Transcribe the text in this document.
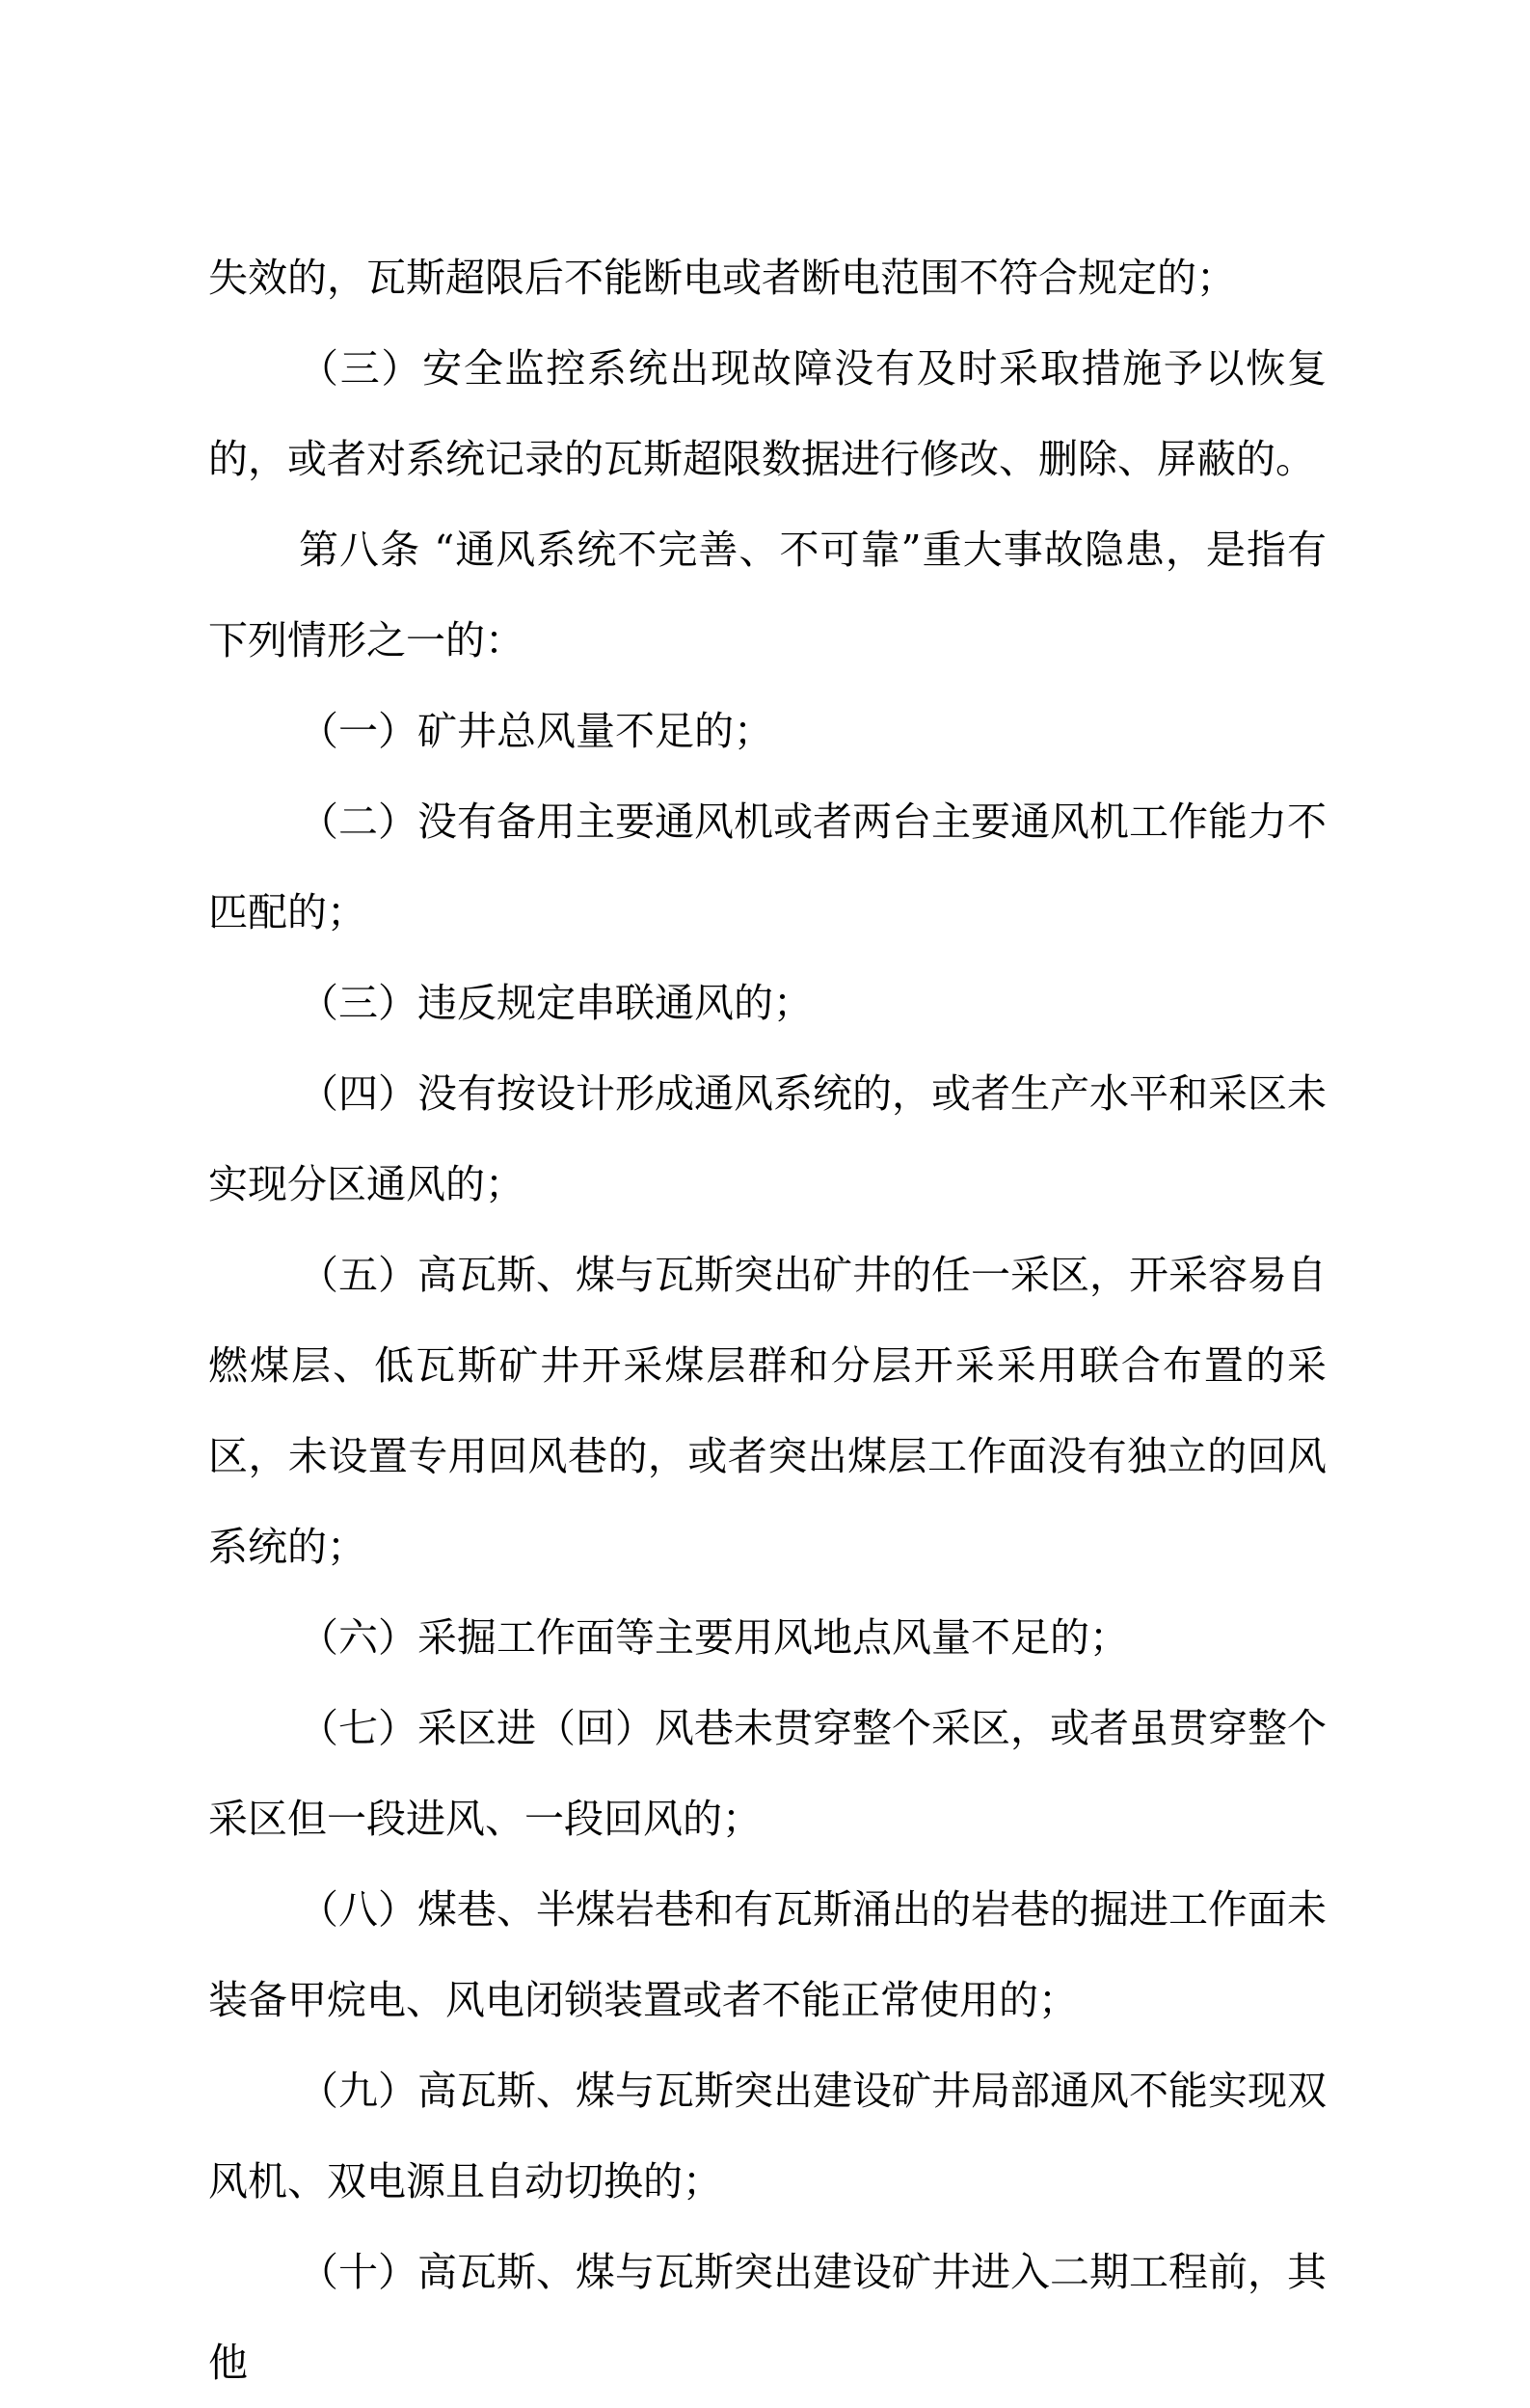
失效的，瓦斯超限后不能断电或者断电范围不符合规定的；

（三）安全监控系统出现故障没有及时采取措施予以恢复的，或者对系统记录的瓦斯超限数据进行修改、删除、屏蔽的。

第八条 “通风系统不完善、不可靠”重大事故隐患，是指有下列情形之一的：

（一）矿井总风量不足的；

（二）没有备用主要通风机或者两台主要通风机工作能力不匹配的；

（三）违反规定串联通风的；

（四）没有按设计形成通风系统的，或者生产水平和采区未实现分区通风的；

（五）高瓦斯、煤与瓦斯突出矿井的任一采区，开采容易自燃煤层、低瓦斯矿井开采煤层群和分层开采采用联合布置的采区，未设置专用回风巷的，或者突出煤层工作面没有独立的回风系统的；

（六）采掘工作面等主要用风地点风量不足的；

（七）采区进（回）风巷未贯穿整个采区，或者虽贯穿整个采区但一段进风、一段回风的；

（八）煤巷、半煤岩巷和有瓦斯涌出的岩巷的掘进工作面未装备甲烷电、风电闭锁装置或者不能正常使用的；

（九）高瓦斯、煤与瓦斯突出建设矿井局部通风不能实现双风机、双电源且自动切换的；

（十）高瓦斯、煤与瓦斯突出建设矿井进入二期工程前，其他
